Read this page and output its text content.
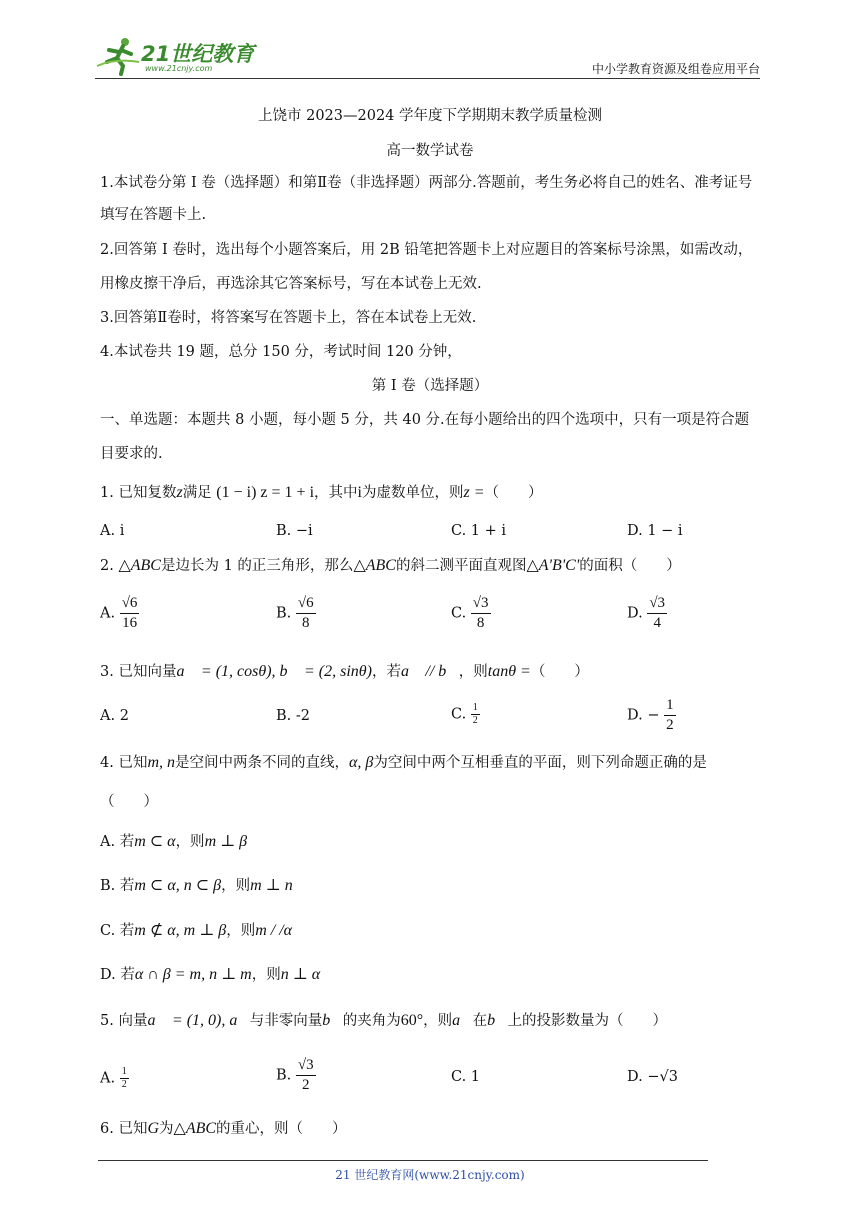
21世纪教育
www.21cnjy.com	中小学教育资源及组卷应用平台
上饶市 2023—2024 学年度下学期期末教学质量检测
高一数学试卷
1.本试卷分第 I 卷（选择题）和第Ⅱ卷（非选择题）两部分.答题前，考生务必将自己的姓名、准考证号
填写在答题卡上.
2.回答第 I 卷时，选出每个小题答案后，用 2B 铅笔把答题卡上对应题目的答案标号涂黑，如需改动，
用橡皮擦干净后，再选涂其它答案标号，写在本试卷上无效.
3.回答第Ⅱ卷时，将答案写在答题卡上，答在本试卷上无效.
4.本试卷共 19 题，总分 150 分，考试时间 120 分钟，
第 I 卷（选择题）
一、单选题：本题共 8 小题，每小题 5 分，共 40 分.在每小题给出的四个选项中，只有一项是符合题
目要求的.
1. 已知复数z满足 (1 − i) z = 1 + i，其中i为虚数单位，则z =（　　）
A. i	B. −i	C. 1 + i	D. 1 − i
2. △ABC是边长为 1 的正三角形，那么△ABC的斜二测平面直观图△A'B'C'的面积（　　）
A. $\frac{√6}{16}$	B. $\frac{√6}{8}$	C. $\frac{√3}{8}$	D. $\frac{√3}{4}$
3. 已知向量a⃗ = (1, cosθ), b⃗ = (2, sinθ)，若a⃗ // b⃗，则tanθ =（　　）
A. 2	B. -2	C. $\frac{1}{2}$	D. − $\frac{1}{2}$
4. 已知m, n是空间中两条不同的直线，α, β为空间中两个互相垂直的平面，则下列命题正确的是
（　　）
A. 若m ⊂ α，则m ⊥ β
B. 若m ⊂ α, n ⊂ β，则m ⊥ n
C. 若m ⊄ α, m ⊥ β，则m / /α
D. 若α ∩ β = m, n ⊥ m，则n ⊥ α
5. 向量a⃗ = (1, 0), a⃗与非零向量b⃗的夹角为60°，则a⃗在b⃗上的投影数量为（　　）
A. $\frac{1}{2}$	B. $\frac{√3}{2}$	C. 1	D. −√3
6. 已知G为△ABC的重心，则（　　）
21 世纪教育网(www.21cnjy.com)
